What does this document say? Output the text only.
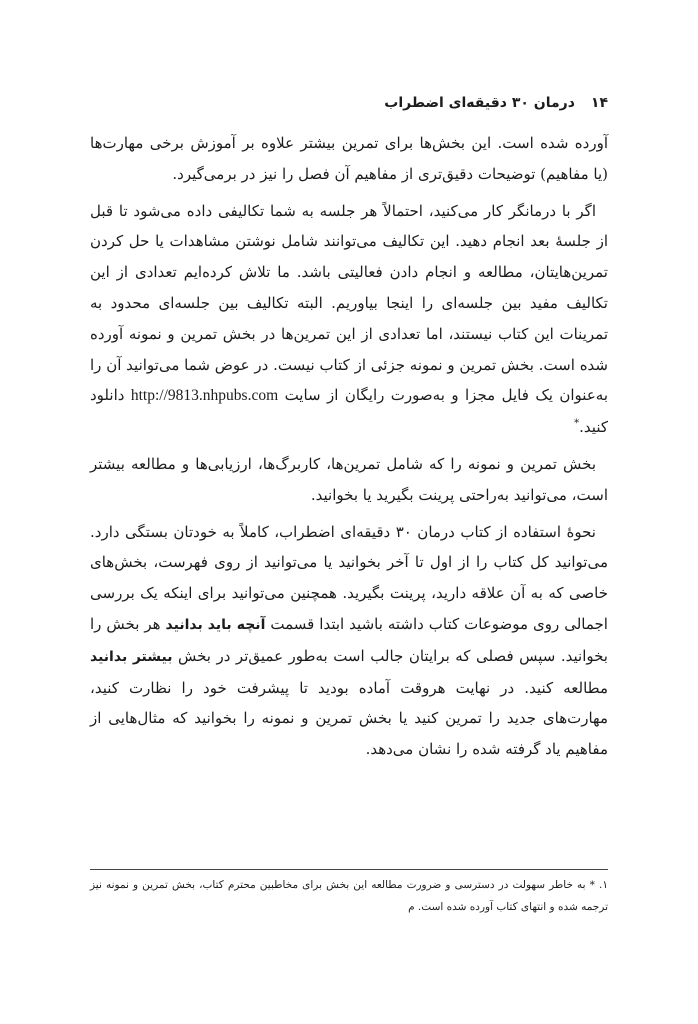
۱۴
درمان ۳۰ دقیقه‌ای اضطراب

آورده شده است. این بخش‌ها برای تمرین بیشتر علاوه بر آموزش برخی مهارت‌ها (یا مفاهیم) توضیحات دقیق‌تری از مفاهیم آن فصل را نیز در برمی‌گیرد.

اگر با درمانگر کار می‌کنید، احتمالاً هر جلسه به شما تکالیفی داده می‌شود تا قبل از جلسهٔ بعد انجام دهید. این تکالیف می‌توانند شامل نوشتن مشاهدات یا حل کردن تمرین‌هایتان، مطالعه و انجام دادن فعالیتی باشد. ما تلاش کرده‌ایم تعدادی از این تکالیف مفید بین جلسه‌ای را اینجا بیاوریم. البته تکالیف بین جلسه‌ای محدود به تمرینات این کتاب نیستند، اما تعدادی از این تمرین‌ها در بخش تمرین و نمونه آورده شده است. بخش تمرین و نمونه جزئی از کتاب نیست. در عوض شما می‌توانید آن را به‌عنوان یک فایل مجزا و به‌صورت رایگان از سایت http://9813.nhpubs.com دانلود کنید.*

بخش تمرین و نمونه را که شامل تمرین‌ها، کاربرگ‌ها، ارزیابی‌ها و مطالعه بیشتر است، می‌توانید به‌راحتی پرینت بگیرید یا بخوانید.

نحوهٔ استفاده از کتاب درمان ۳۰ دقیقه‌ای اضطراب، کاملاً به خودتان بستگی دارد. می‌توانید کل کتاب را از اول تا آخر بخوانید یا می‌توانید از روی فهرست، بخش‌های خاصی که به آن علاقه دارید، پرینت بگیرید. همچنین می‌توانید برای اینکه یک بررسی اجمالی روی موضوعات کتاب داشته باشید ابتدا قسمت آنچه باید بدانید هر بخش را بخوانید. سپس فصلی که برایتان جالب است به‌طور عمیق‌تر در بخش بیشتر بدانید مطالعه کنید. در نهایت هروقت آماده بودید تا پیشرفت خود را نظارت کنید، مهارت‌های جدید را تمرین کنید یا بخش تمرین و نمونه را بخوانید که مثال‌هایی از مفاهیم یاد گرفته شده را نشان می‌دهد.

۱. * به خاطر سهولت در دسترسی و ضرورت مطالعه این بخش برای مخاطبین محترم کتاب، بخش تمرین و نمونه نیز ترجمه شده و انتهای کتاب آورده شده است. م
